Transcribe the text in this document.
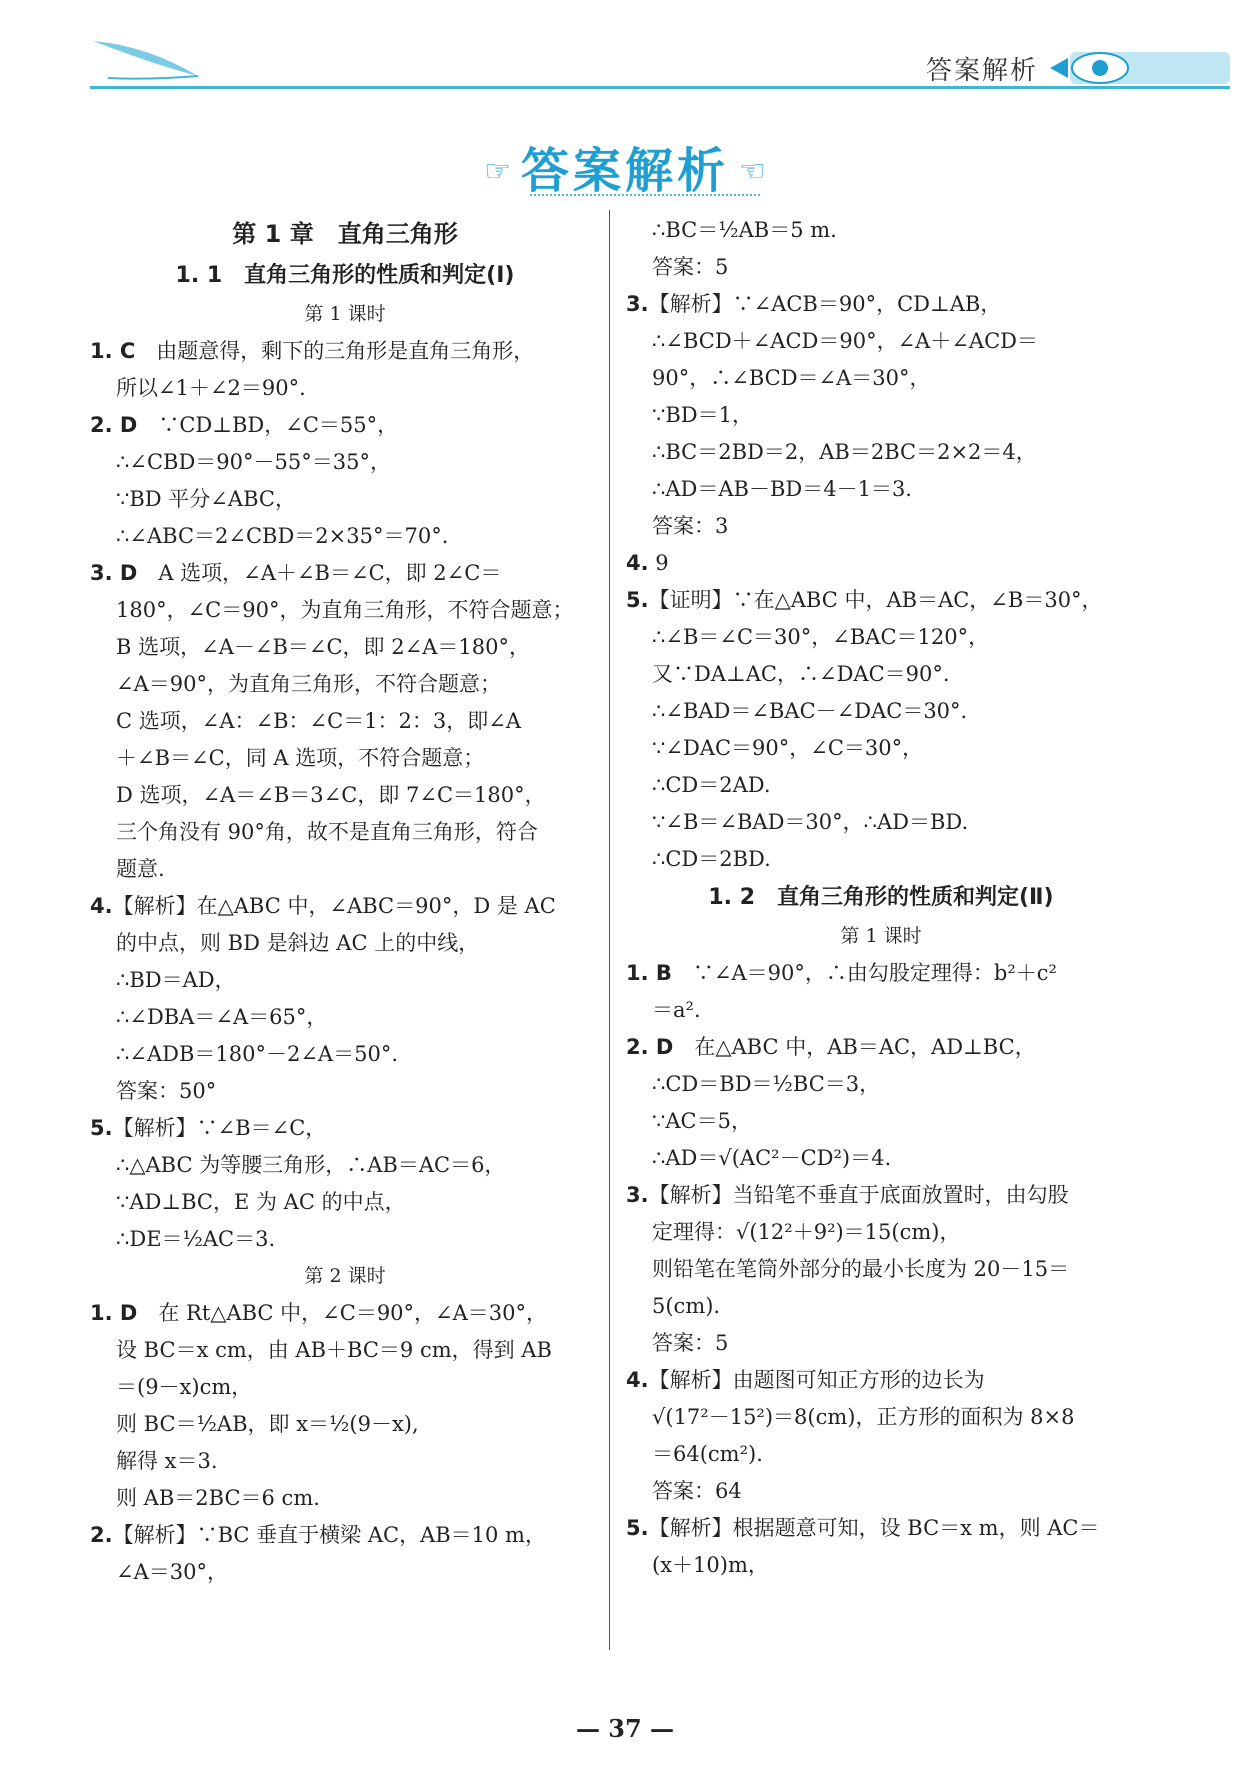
答案解析
☞ 答案解析 ☜
第 1 章　直角三角形
1. 1　直角三角形的性质和判定(Ⅰ)
第 1 课时
1. C　由题意得，剩下的三角形是直角三角形，
所以∠1＋∠2＝90°.
2. D　∵CD⊥BD，∠C＝55°，
∴∠CBD＝90°－55°＝35°，
∵BD 平分∠ABC，
∴∠ABC＝2∠CBD＝2×35°＝70°.
3. D　A 选项，∠A＋∠B＝∠C，即 2∠C＝
180°，∠C＝90°，为直角三角形，不符合题意；
B 选项，∠A－∠B＝∠C，即 2∠A＝180°，
∠A＝90°，为直角三角形，不符合题意；
C 选项，∠A：∠B：∠C＝1：2：3，即∠A
＋∠B＝∠C，同 A 选项，不符合题意；
D 选项，∠A＝∠B＝3∠C，即 7∠C＝180°，
三个角没有 90°角，故不是直角三角形，符合
题意.
4.【解析】在△ABC 中，∠ABC＝90°，D 是 AC
的中点，则 BD 是斜边 AC 上的中线，
∴BD＝AD，
∴∠DBA＝∠A＝65°，
∴∠ADB＝180°－2∠A＝50°.
答案：50°
5.【解析】∵∠B＝∠C，
∴△ABC 为等腰三角形，∴AB＝AC＝6，
∵AD⊥BC，E 为 AC 的中点，
∴DE＝½AC＝3.
第 2 课时
1. D　在 Rt△ABC 中，∠C＝90°，∠A＝30°，
设 BC＝x cm，由 AB＋BC＝9 cm，得到 AB
＝(9－x)cm，
则 BC＝½AB，即 x＝½(9－x),
解得 x＝3.
则 AB＝2BC＝6 cm.
2.【解析】∵BC 垂直于横梁 AC，AB＝10 m，
∠A＝30°，
∴BC＝½AB＝5 m.
答案：5
3.【解析】∵∠ACB＝90°，CD⊥AB，
∴∠BCD＋∠ACD＝90°，∠A＋∠ACD＝
90°，∴∠BCD＝∠A＝30°，
∵BD＝1，
∴BC＝2BD＝2，AB＝2BC＝2×2＝4，
∴AD＝AB－BD＝4－1＝3.
答案：3
4. 9
5.【证明】∵在△ABC 中，AB＝AC，∠B＝30°，
∴∠B＝∠C＝30°，∠BAC＝120°，
又∵DA⊥AC，∴∠DAC＝90°.
∴∠BAD＝∠BAC－∠DAC＝30°.
∵∠DAC＝90°，∠C＝30°，
∴CD＝2AD.
∵∠B＝∠BAD＝30°，∴AD＝BD.
∴CD＝2BD.
1. 2　直角三角形的性质和判定(Ⅱ)
第 1 课时
1. B　∵∠A＝90°，∴由勾股定理得：b²＋c²
＝a².
2. D　在△ABC 中，AB＝AC，AD⊥BC，
∴CD＝BD＝½BC＝3，
∵AC＝5，
∴AD＝√(AC²－CD²)＝4.
3.【解析】当铅笔不垂直于底面放置时，由勾股
定理得：√(12²＋9²)＝15(cm)，
则铅笔在笔筒外部分的最小长度为 20－15＝
5(cm).
答案：5
4.【解析】由题图可知正方形的边长为
√(17²－15²)＝8(cm)，正方形的面积为 8×8
＝64(cm²).
答案：64
5.【解析】根据题意可知，设 BC＝x m，则 AC＝
(x＋10)m，
— 37 —
